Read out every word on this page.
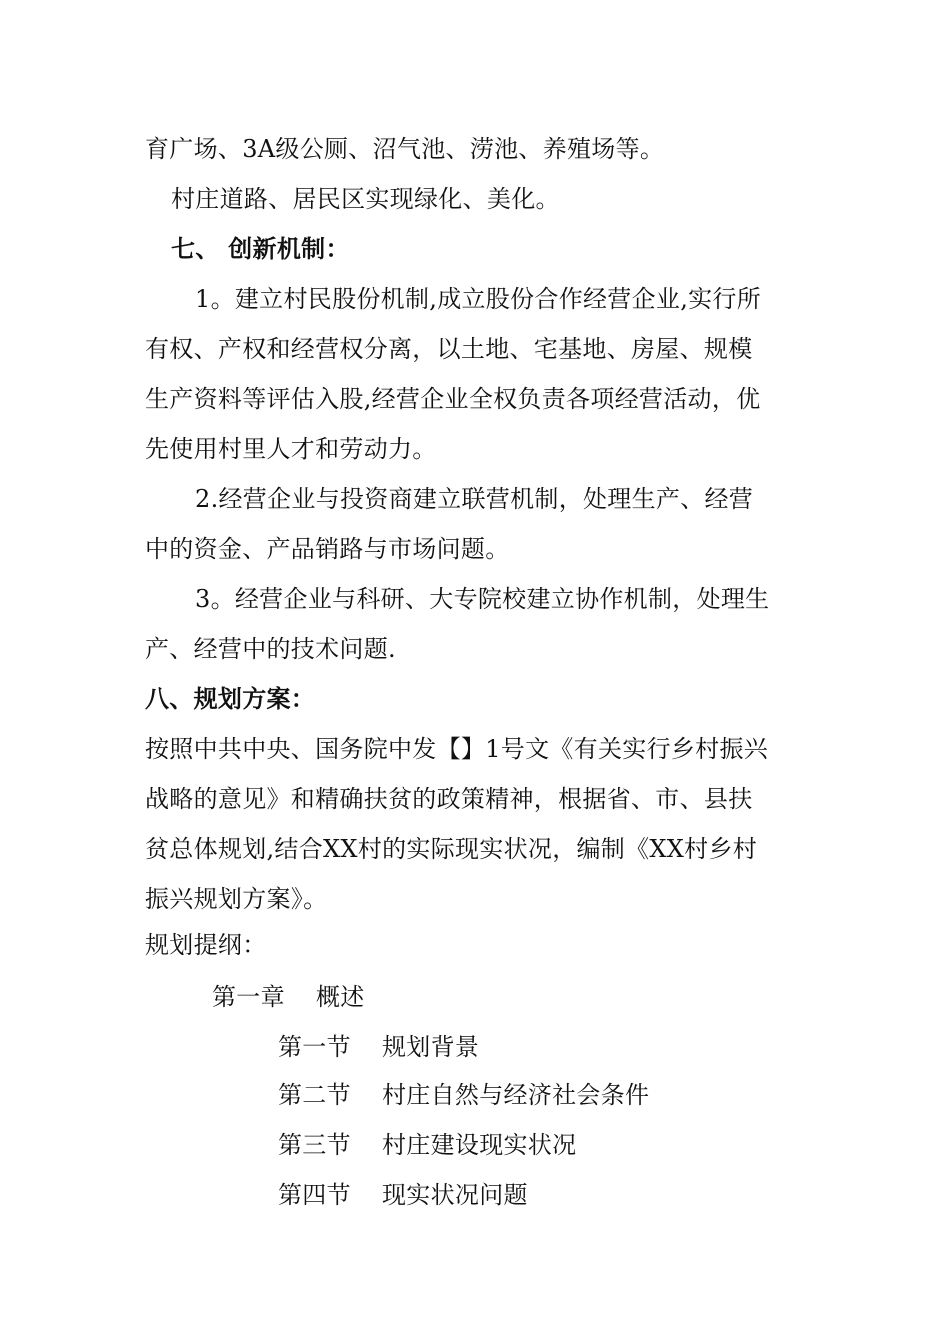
育广场、3A级公厕、沼气池、涝池、养殖场等。
村庄道路、居民区实现绿化、美化。
七、 创新机制：
1。建立村民股份机制,成立股份合作经营企业,实行所
有权、产权和经营权分离，以土地、宅基地、房屋、规模
生产资料等评估入股,经营企业全权负责各项经营活动，优
先使用村里人才和劳动力。
2.经营企业与投资商建立联营机制，处理生产、经营
中的资金、产品销路与市场问题。
3。经营企业与科研、大专院校建立协作机制，处理生
产、经营中的技术问题.
八、规划方案：
按照中共中央、国务院中发【】1号文《有关实行乡村振兴
战略的意见》和精确扶贫的政策精神，根据省、市、县扶
贫总体规划,结合XX村的实际现实状况，编制《XX村乡村
振兴规划方案》。
规划提纲：
第一章 概述
第一节 规划背景
第二节 村庄自然与经济社会条件
第三节 村庄建设现实状况
第四节 现实状况问题
